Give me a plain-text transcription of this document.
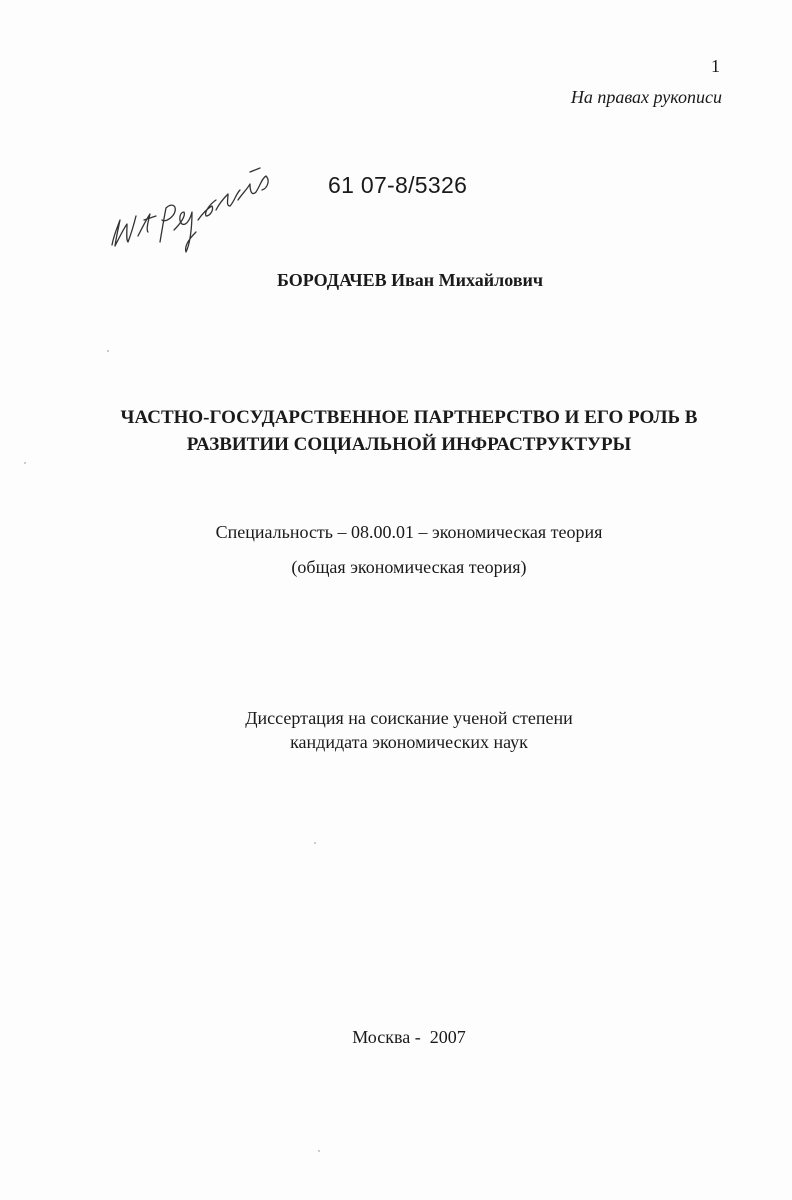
1
На правах рукописи
61 07-8/5326
БОРОДАЧЕВ Иван Михайлович
ЧАСТНО-ГОСУДАРСТВЕННОЕ ПАРТНЕРСТВО И ЕГО РОЛЬ В
РАЗВИТИИ СОЦИАЛЬНОЙ ИНФРАСТРУКТУРЫ
Специальность – 08.00.01 – экономическая теория
(общая экономическая теория)
Диссертация на соискание ученой степени
кандидата экономических наук
Москва -  2007
